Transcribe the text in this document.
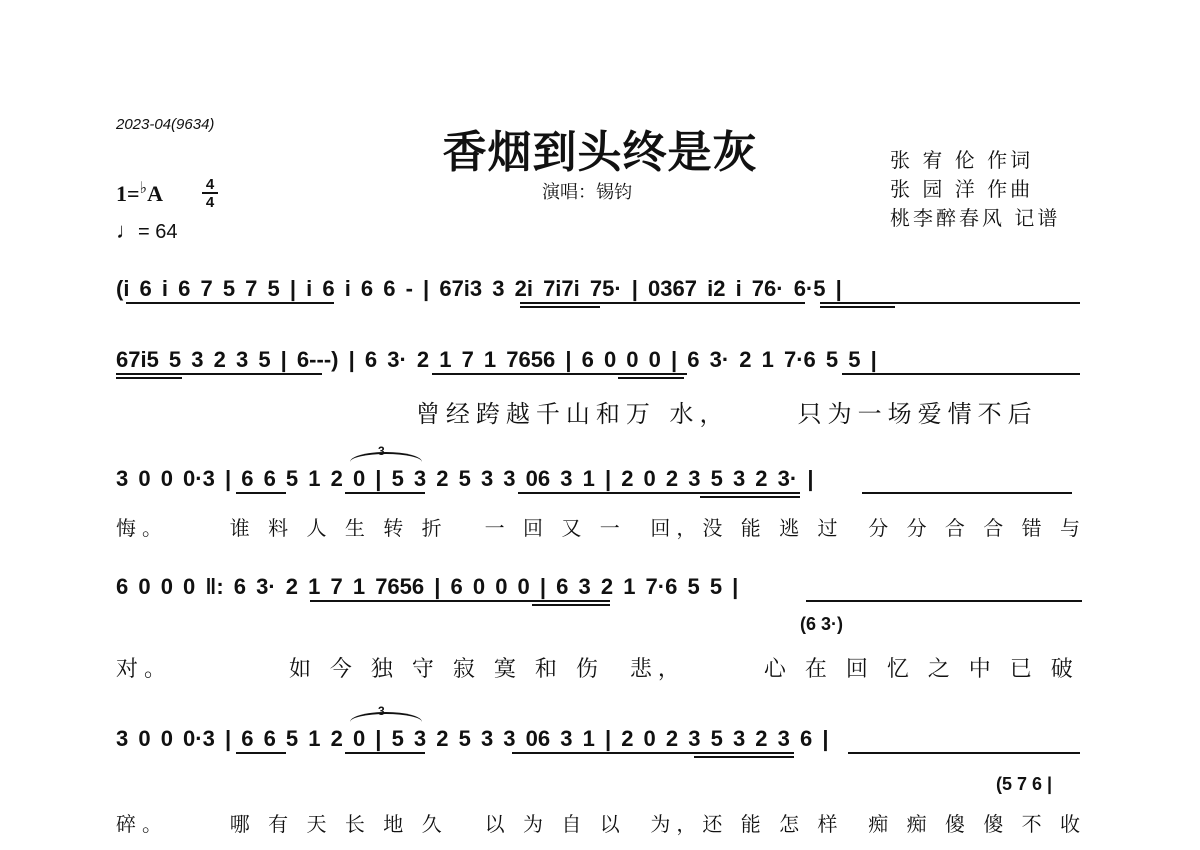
2023-04(9634)
香烟到头终是灰
演唱：锡钧
张 宥 伦 作词
张 园 洋 作曲
桃李醉春风 记谱
1=♭A	4
4
♩= 64
(i 6 i 6 7 5 7 5 | i 6 i 6 6 - | 67i3 3 2i 7i7i 75· | 0367 i2 i 76· 6·5 |
67i5 5 3 2 3 5 | 6---) | 6 3· 2 1 7 1 7656 | 6 0 0 0 | 6 3· 2 1 7·6 5 5 |
曾经跨越千山和万 水，     只为一场爱情不后
3 0 0 0·3 | 6 6 5 1 2 0 | 5 3 2 5 3 3 06 3 1 | 2 0 2 3 5 3 2 3· |
3
悔。     谁 料 人 生 转 折   一 回 又 一  回，没 能 逃 过  分 分 合 合 错 与
6 0 0 0 ‖: 6 3· 2 1 7 1 7656 | 6 0 0 0 | 6 3 2 1 7·6 5 5 |
(6 3·)
对。         如 今 独 守 寂 寞 和 伤  悲，      心 在 回 忆 之 中 已 破
3 0 0 0·3 | 6 6 5 1 2 0 | 5 3 2 5 3 3 06 3 1 | 2 0 2 3 5 3 2 3 6 |
3
(5 7 6 |
碎。     哪 有 天 长 地 久   以 为 自 以  为，还 能 怎 样  痴 痴 傻 傻 不 收
